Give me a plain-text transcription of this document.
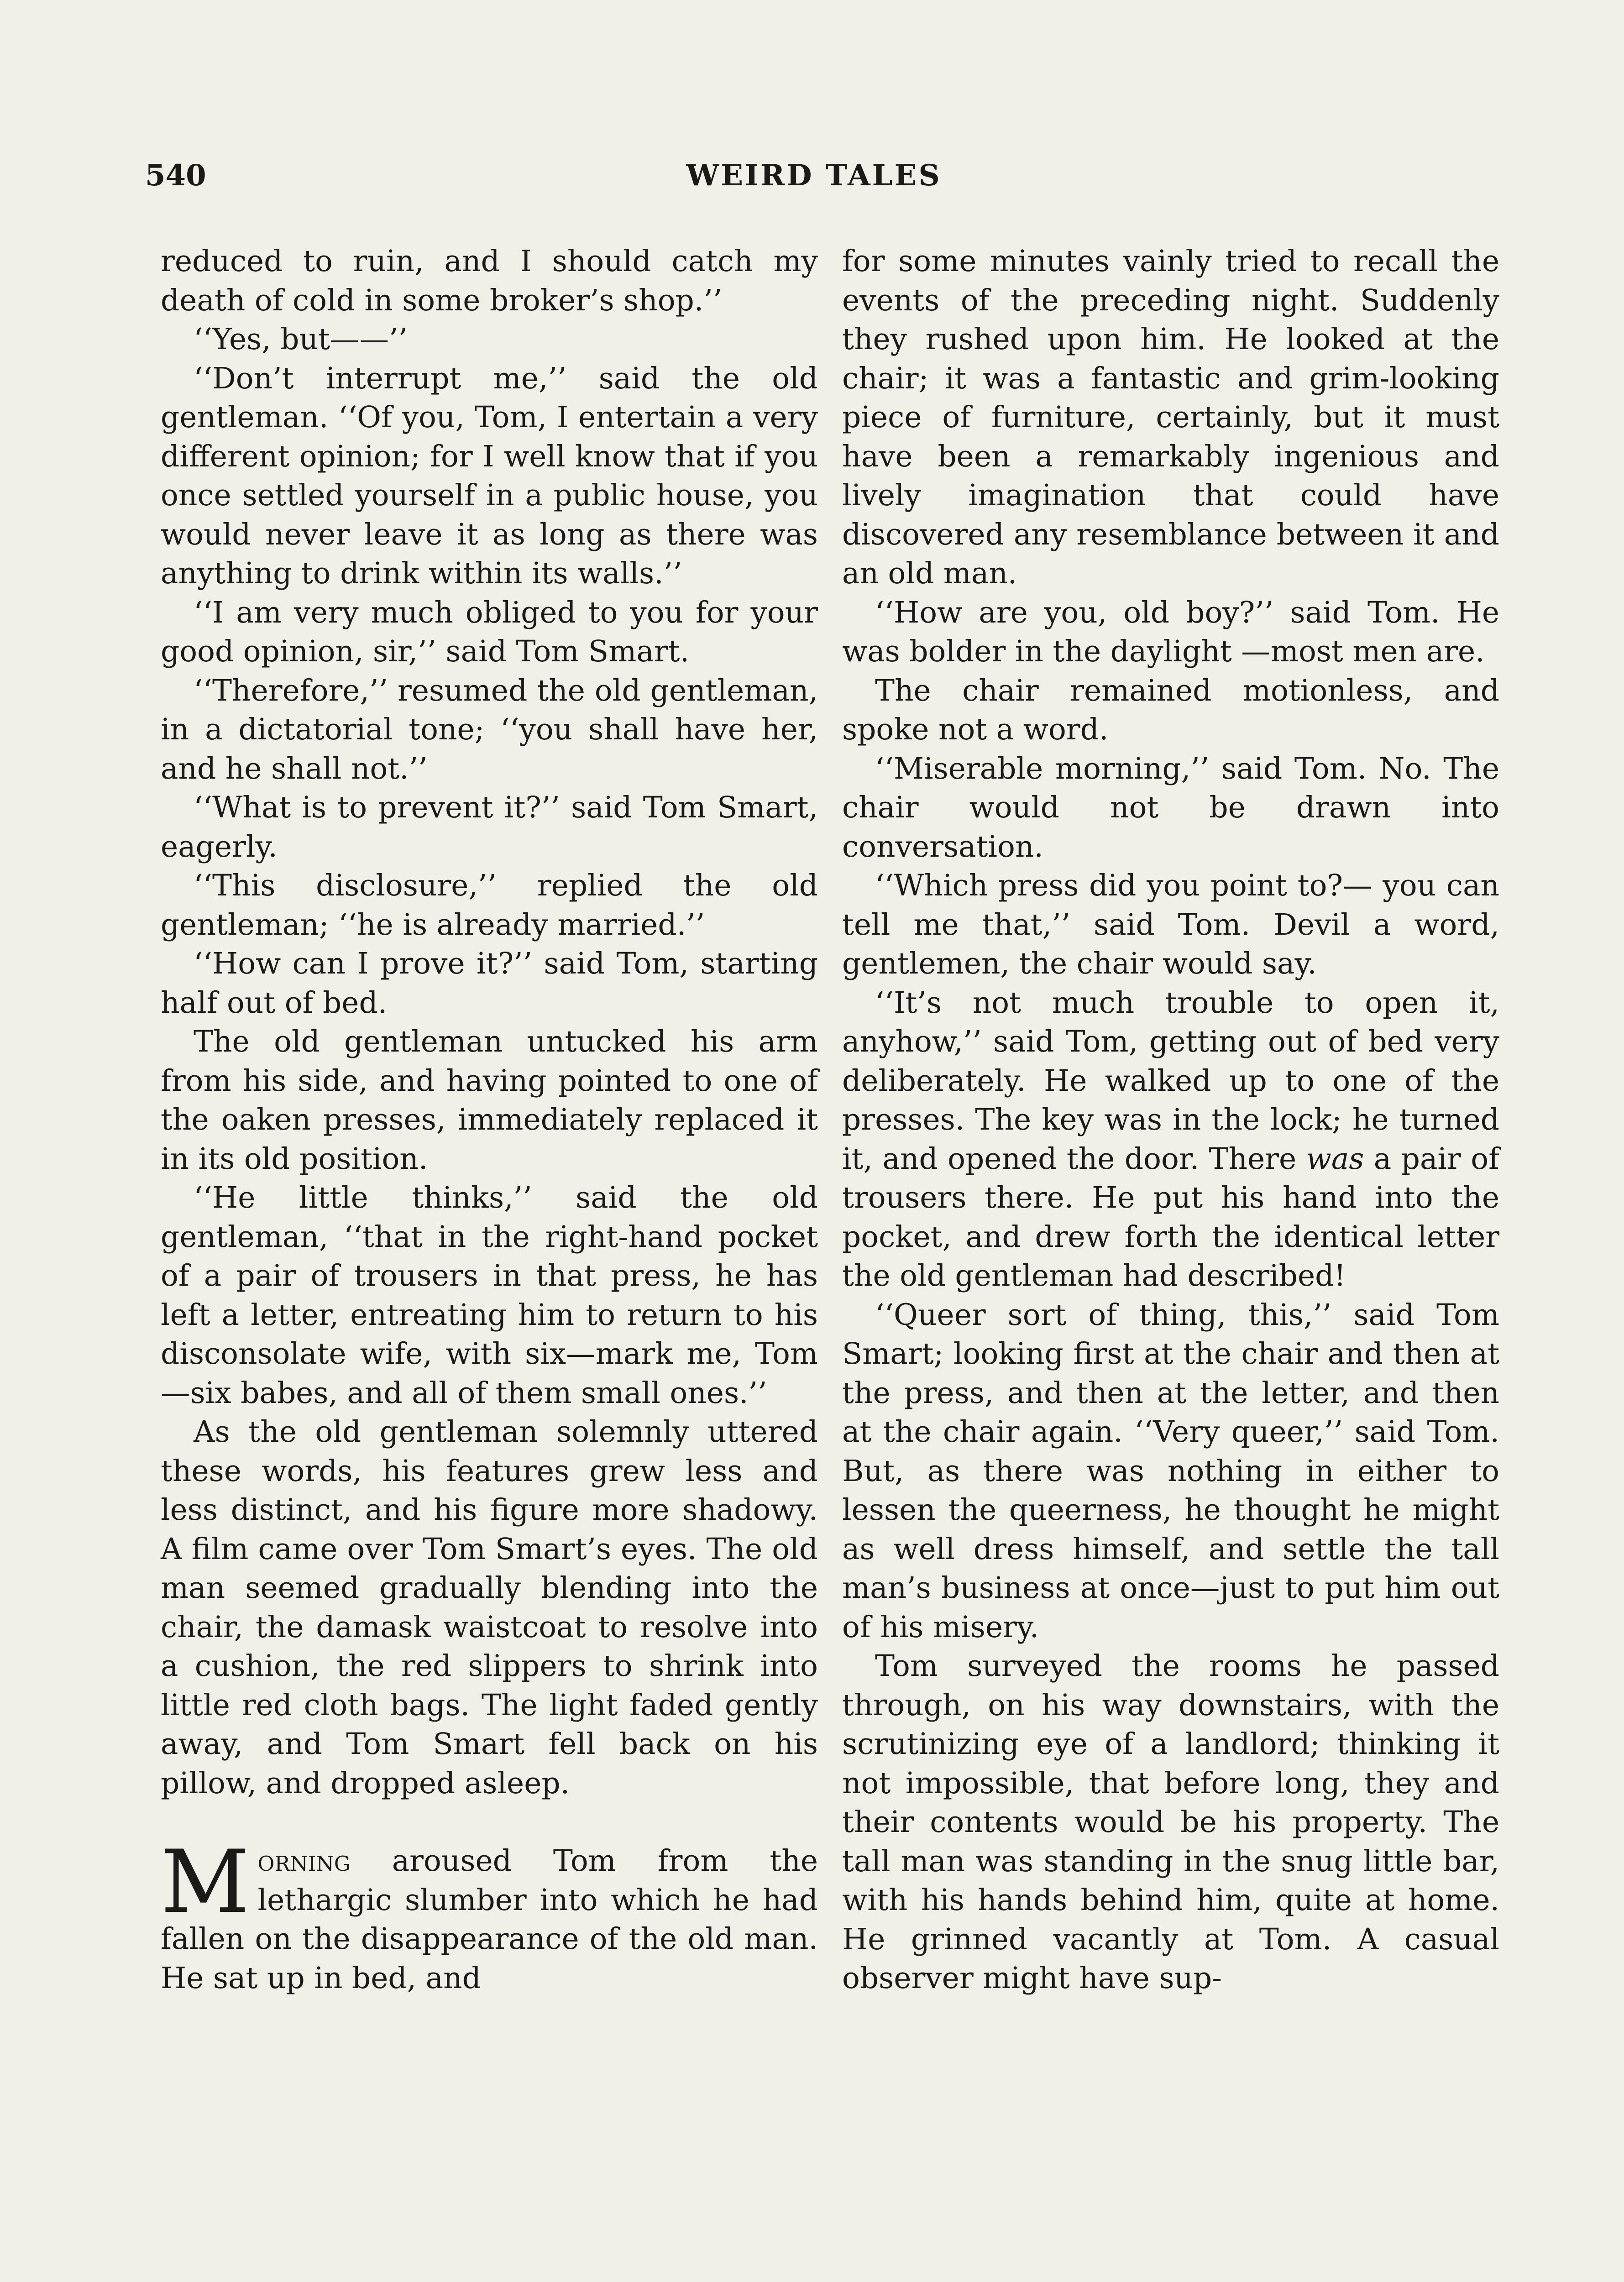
540	WEIRD TALES

reduced to ruin, and I should catch my death of cold in some broker’s shop.’’

‘‘Yes, but——’’

‘‘Don’t interrupt me,’’ said the old gentleman. ‘‘Of you, Tom, I entertain a very different opinion; for I well know that if you once settled yourself in a public house, you would never leave it as long as there was anything to drink within its walls.’’

‘‘I am very much obliged to you for your good opinion, sir,’’ said Tom Smart.

‘‘Therefore,’’ resumed the old gentleman, in a dictatorial tone; ‘‘you shall have her, and he shall not.’’

‘‘What is to prevent it?’’ said Tom Smart, eagerly.

‘‘This disclosure,’’ replied the old gentleman; ‘‘he is already married.’’

‘‘How can I prove it?’’ said Tom, starting half out of bed.

The old gentleman untucked his arm from his side, and having pointed to one of the oaken presses, immediately replaced it in its old position.

‘‘He little thinks,’’ said the old gentleman, ‘‘that in the right-hand pocket of a pair of trousers in that press, he has left a letter, entreating him to return to his disconsolate wife, with six—mark me, Tom—six babes, and all of them small ones.’’

As the old gentleman solemnly uttered these words, his features grew less and less distinct, and his figure more shadowy. A film came over Tom Smart’s eyes. The old man seemed gradually blending into the chair, the damask waistcoat to resolve into a cushion, the red slippers to shrink into little red cloth bags. The light faded gently away, and Tom Smart fell back on his pillow, and dropped asleep.

Morning aroused Tom from the lethargic slumber into which he had fallen on the disappearance of the old man. He sat up in bed, and

for some minutes vainly tried to recall the events of the preceding night. Suddenly they rushed upon him. He looked at the chair; it was a fantastic and grim-looking piece of furniture, certainly, but it must have been a remarkably ingenious and lively imagination that could have discovered any resemblance between it and an old man.

‘‘How are you, old boy?’’ said Tom. He was bolder in the daylight —most men are.

The chair remained motionless, and spoke not a word.

‘‘Miserable morning,’’ said Tom. No. The chair would not be drawn into conversation.

‘‘Which press did you point to?— you can tell me that,’’ said Tom. Devil a word, gentlemen, the chair would say.

‘‘It’s not much trouble to open it, anyhow,’’ said Tom, getting out of bed very deliberately. He walked up to one of the presses. The key was in the lock; he turned it, and opened the door. There was a pair of trousers there. He put his hand into the pocket, and drew forth the identical letter the old gentleman had described!

‘‘Queer sort of thing, this,’’ said Tom Smart; looking first at the chair and then at the press, and then at the letter, and then at the chair again. ‘‘Very queer,’’ said Tom. But, as there was nothing in either to lessen the queerness, he thought he might as well dress himself, and settle the tall man’s business at once—just to put him out of his misery.

Tom surveyed the rooms he passed through, on his way downstairs, with the scrutinizing eye of a landlord; thinking it not impossible, that before long, they and their contents would be his property. The tall man was standing in the snug little bar, with his hands behind him, quite at home. He grinned vacantly at Tom. A casual observer might have sup-
